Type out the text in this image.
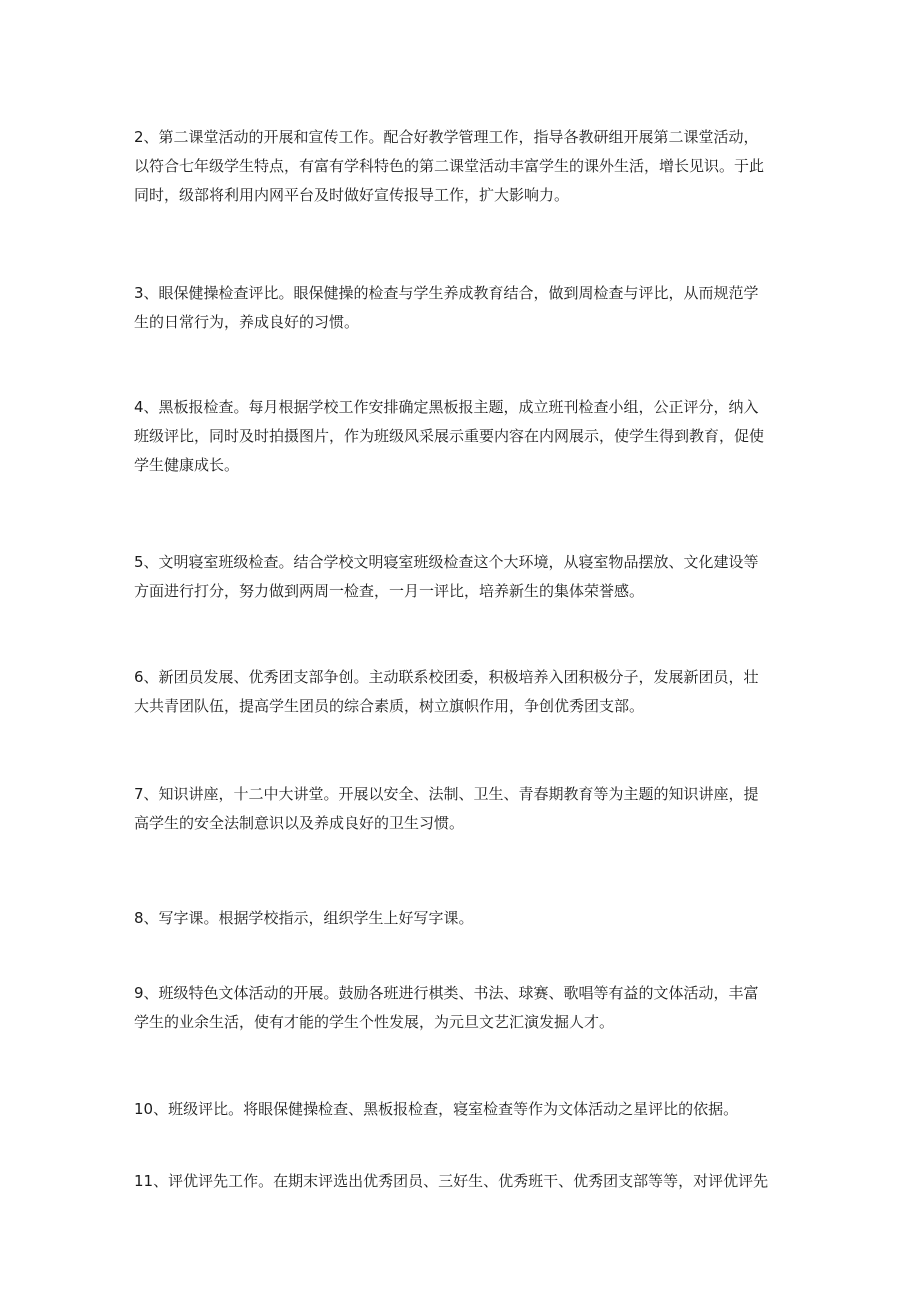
2、第二课堂活动的开展和宣传工作。配合好教学管理工作，指导各教研组开展第二课堂活动，
以符合七年级学生特点，有富有学科特色的第二课堂活动丰富学生的课外生活，增长见识。于此
同时，级部将利用内网平台及时做好宣传报导工作，扩大影响力。

3、眼保健操检查评比。眼保健操的检查与学生养成教育结合，做到周检查与评比，从而规范学
生的日常行为，养成良好的习惯。

4、黑板报检查。每月根据学校工作安排确定黑板报主题，成立班刊检查小组，公正评分，纳入
班级评比，同时及时拍摄图片，作为班级风采展示重要内容在内网展示，使学生得到教育，促使
学生健康成长。

5、文明寝室班级检查。结合学校文明寝室班级检查这个大环境，从寝室物品摆放、文化建设等
方面进行打分，努力做到两周一检查，一月一评比，培养新生的集体荣誉感。

6、新团员发展、优秀团支部争创。主动联系校团委，积极培养入团积极分子，发展新团员，壮
大共青团队伍，提高学生团员的综合素质，树立旗帜作用，争创优秀团支部。

7、知识讲座，十二中大讲堂。开展以安全、法制、卫生、青春期教育等为主题的知识讲座，提
高学生的安全法制意识以及养成良好的卫生习惯。

8、写字课。根据学校指示，组织学生上好写字课。

9、班级特色文体活动的开展。鼓励各班进行棋类、书法、球赛、歌唱等有益的文体活动，丰富
学生的业余生活，使有才能的学生个性发展，为元旦文艺汇演发掘人才。

10、班级评比。将眼保健操检查、黑板报检查，寝室检查等作为文体活动之星评比的依据。

11、评优评先工作。在期末评选出优秀团员、三好生、优秀班干、优秀团支部等等，对评优评先
